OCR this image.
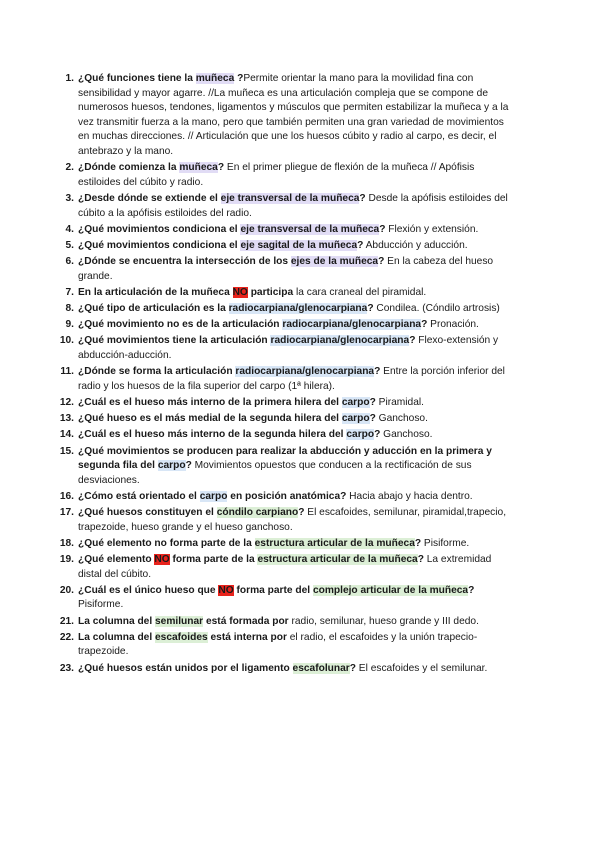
1. ¿Qué funciones tiene la muñeca ?Permite orientar la mano para la movilidad fina con sensibilidad y mayor agarre. //La muñeca es una articulación compleja que se compone de numerosos huesos, tendones, ligamentos y músculos que permiten estabilizar la muñeca y a la vez transmitir fuerza a la mano, pero que también permiten una gran variedad de movimientos en muchas direcciones. // Articulación que une los huesos cúbito y radio al carpo, es decir, el antebrazo y la mano.
2. ¿Dónde comienza la muñeca? En el primer pliegue de flexión de la muñeca // Apófisis estiloides del cúbito y radio.
3. ¿Desde dónde se extiende el eje transversal de la muñeca? Desde la apófisis estiloides del cúbito a la apófisis estiloides del radio.
4. ¿Qué movimientos condiciona el eje transversal de la muñeca? Flexión y extensión.
5. ¿Qué movimientos condiciona el eje sagital de la muñeca? Abducción y aducción.
6. ¿Dónde se encuentra la intersección de los ejes de la muñeca? En la cabeza del hueso grande.
7. En la articulación de la muñeca NO participa la cara craneal del piramidal.
8. ¿Qué tipo de articulación es la radiocarpiana/glenocarpiana? Condilea. (Cóndilo artrosis)
9. ¿Qué movimiento no es de la articulación radiocarpiana/glenocarpiana? Pronación.
10. ¿Qué movimientos tiene la articulación radiocarpiana/glenocarpiana? Flexo-extensión y abducción-aducción.
11. ¿Dónde se forma la articulación radiocarpiana/glenocarpiana? Entre la porción inferior del radio y los huesos de la fila superior del carpo (1ª hilera).
12. ¿Cuál es el hueso más interno de la primera hilera del carpo? Piramidal.
13. ¿Qué hueso es el más medial de la segunda hilera del carpo? Ganchoso.
14. ¿Cuál es el hueso más interno de la segunda hilera del carpo? Ganchoso.
15. ¿Qué movimientos se producen para realizar la abducción y aducción en la primera y segunda fila del carpo? Movimientos opuestos que conducen a la rectificación de sus desviaciones.
16. ¿Cómo está orientado el carpo en posición anatómica? Hacia abajo y hacia dentro.
17. ¿Qué huesos constituyen el cóndilo carpiano? El escafoides, semilunar, piramidal,trapecio, trapezoide, hueso grande y el hueso ganchoso.
18. ¿Qué elemento no forma parte de la estructura articular de la muñeca? Pisiforme.
19. ¿Qué elemento NO forma parte de la estructura articular de la muñeca? La extremidad distal del cúbito.
20. ¿Cuál es el único hueso que NO forma parte del complejo articular de la muñeca? Pisiforme.
21. La columna del semilunar está formada por radio, semilunar, hueso grande y III dedo.
22. La columna del escafoides está interna por el radio, el escafoides y la unión trapecio-trapezoide.
23. ¿Qué huesos están unidos por el ligamento escafolunar? El escafoides y el semilunar.
